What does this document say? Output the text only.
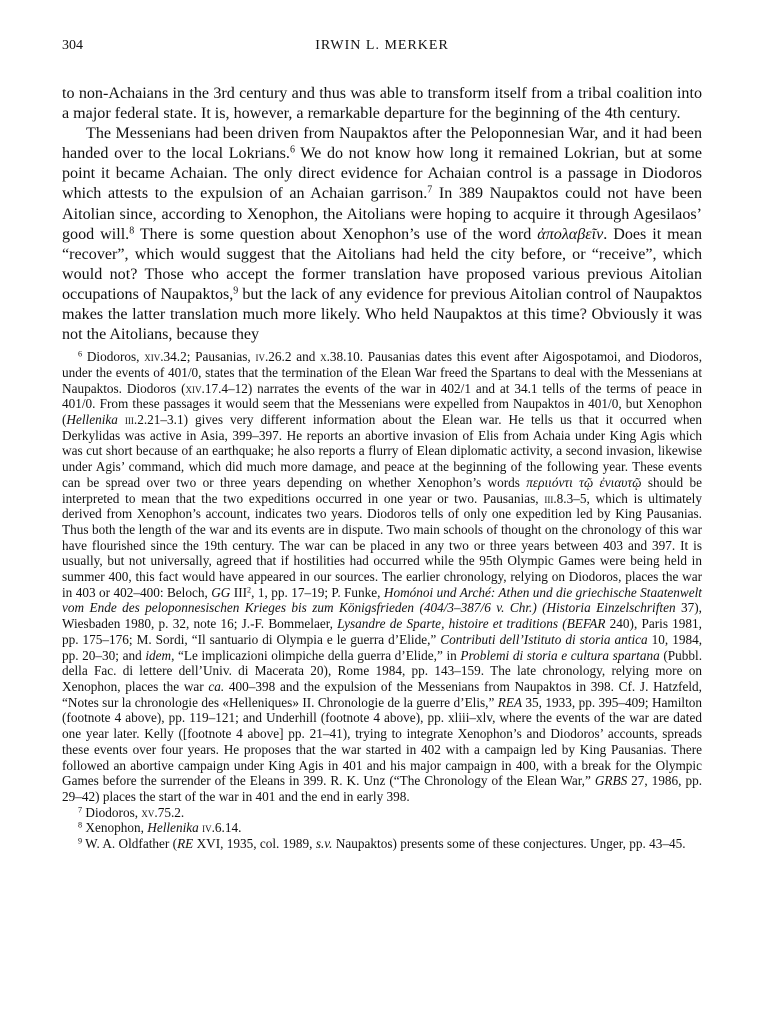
304	IRWIN L. MERKER

to non-Achaians in the 3rd century and thus was able to transform itself from a tribal coalition into a major federal state. It is, however, a remarkable departure for the beginning of the 4th century.

The Messenians had been driven from Naupaktos after the Peloponnesian War, and it had been handed over to the local Lokrians.$^6$ We do not know how long it remained Lokrian, but at some point it became Achaian. The only direct evidence for Achaian control is a passage in Diodoros which attests to the expulsion of an Achaian garrison.$^7$ In 389 Naupaktos could not have been Aitolian since, according to Xenophon, the Aitolians were hoping to acquire it through Agesilaos’ good will.$^8$ There is some question about Xenophon’s use of the word ἀπολαβεῖν. Does it mean “recover”, which would suggest that the Aitolians had held the city before, or “receive”, which would not? Those who accept the former translation have proposed various previous Aitolian occupations of Naupaktos,$^9$ but the lack of any evidence for previous Aitolian control of Naupaktos makes the latter translation much more likely. Who held Naupaktos at this time? Obviously it was not the Aitolians, because they

$^6$ Diodoros, xiv.34.2; Pausanias, iv.26.2 and x.38.10. Pausanias dates this event after Aigospotamoi, and Diodoros, under the events of 401/0, states that the termination of the Elean War freed the Spartans to deal with the Messenians at Naupaktos. Diodoros (xiv.17.4–12) narrates the events of the war in 402/1 and at 34.1 tells of the terms of peace in 401/0. From these passages it would seem that the Messenians were expelled from Naupaktos in 401/0, but Xenophon (Hellenika iii.2.21–3.1) gives very different information about the Elean war. He tells us that it occurred when Derkylidas was active in Asia, 399–397. He reports an abortive invasion of Elis from Achaia under King Agis which was cut short because of an earthquake; he also reports a flurry of Elean diplomatic activity, a second invasion, likewise under Agis’ command, which did much more damage, and peace at the beginning of the following year. These events can be spread over two or three years depending on whether Xenophon’s words περιιόντι τῷ ἐνιαυτῷ should be interpreted to mean that the two expeditions occurred in one year or two. Pausanias, iii.8.3–5, which is ultimately derived from Xenophon’s account, indicates two years. Diodoros tells of only one expedition led by King Pausanias. Thus both the length of the war and its events are in dispute. Two main schools of thought on the chronology of this war have flourished since the 19th century. The war can be placed in any two or three years between 403 and 397. It is usually, but not universally, agreed that if hostilities had occurred while the 95th Olympic Games were being held in summer 400, this fact would have appeared in our sources. The earlier chronology, relying on Diodoros, places the war in 403 or 402–400: Beloch, GG III$^2$, 1, pp. 17–19; P. Funke, Homónoi und Arché: Athen und die griechische Staatenwelt vom Ende des peloponnesischen Krieges bis zum Königsfrieden (404/3–387/6 v. Chr.) (Historia Einzelschriften 37), Wiesbaden 1980, p. 32, note 16; J.-F. Bommelaer, Lysandre de Sparte, histoire et traditions (BEFAR 240), Paris 1981, pp. 175–176; M. Sordi, “Il santuario di Olympia e le guerra d’Elide,” Contributi dell’Istituto di storia antica 10, 1984, pp. 20–30; and idem, “Le implicazioni olimpiche della guerra d’Elide,” in Problemi di storia e cultura spartana (Pubbl. della Fac. di lettere dell’Univ. di Macerata 20), Rome 1984, pp. 143–159. The late chronology, relying more on Xenophon, places the war ca. 400–398 and the expulsion of the Messenians from Naupaktos in 398. Cf. J. Hatzfeld, “Notes sur la chronologie des «Helleniques» II. Chronologie de la guerre d’Elis,” REA 35, 1933, pp. 395–409; Hamilton (footnote 4 above), pp. 119–121; and Underhill (footnote 4 above), pp. xliii–xlv, where the events of the war are dated one year later. Kelly ([footnote 4 above] pp. 21–41), trying to integrate Xenophon’s and Diodoros’ accounts, spreads these events over four years. He proposes that the war started in 402 with a campaign led by King Pausanias. There followed an abortive campaign under King Agis in 401 and his major campaign in 400, with a break for the Olympic Games before the surrender of the Eleans in 399. R. K. Unz (“The Chronology of the Elean War,” GRBS 27, 1986, pp. 29–42) places the start of the war in 401 and the end in early 398.

$^7$ Diodoros, xv.75.2.

$^8$ Xenophon, Hellenika iv.6.14.

$^9$ W. A. Oldfather (RE XVI, 1935, col. 1989, s.v. Naupaktos) presents some of these conjectures. Unger, pp. 43–45.
